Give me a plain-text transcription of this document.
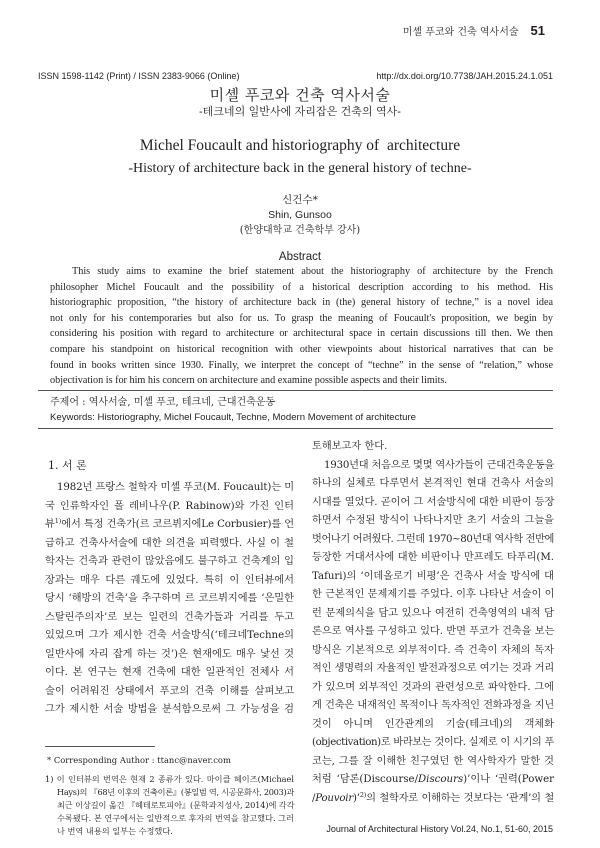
미셸 푸코와 건축 역사서술 51
ISSN 1598-1142 (Print) / ISSN 2383-9066 (Online)	http://dx.doi.org/10.7738/JAH.2015.24.1.051
미셸 푸코와 건축 역사서술
-테크네의 일반사에 자리잡은 건축의 역사-
Michel Foucault and historiography of  architecture
-History of architecture back in the general history of techne-
신건수*
Shin, Gunsoo
(한양대학교 건축학부 강사)
Abstract
This study aims to examine the brief statement about the historiography of architecture by the French
philosopher Michel Foucault and the possibility of a historical description according to his method. His
historiographic proposition, “the history of architecture back in (the) general history of techne,” is a novel idea
not only for his contemporaries but also for us. To grasp the meaning of Foucault's proposition, we begin by
considering his position with regard to architecture or architectural space in certain discussions till then. We then
compare his standpoint on historical recognition with other viewpoints about historical narratives that can be
found in books written since 1930. Finally, we interpret the concept of “techne” in the sense of “relation,” whose
objectivation is for him his concern on architecture and examine possible aspects and their limits.
주제어 : 역사서술, 미셸 푸코, 테크네, 근대건축운동
Keywords: Historiography, Michel Foucault, Techne, Modern Movement of architecture
1. 서 론
1982년 프랑스 철학자 미셸 푸코(M. Foucault)는 미
국 인류학자인 폴 레비나우(P. Rabinow)와 가진 인터
뷰$^{1)}$에서 특정 건축가(르 코르뷔지에Le Corbusier)를 언
급하고 건축사서술에 대한 의견을 피력했다. 사실 이 철
학자는 건축과 관련이 많았음에도 불구하고 건축계의 입
장과는 매우 다른 궤도에 있었다. 특히 이 인터뷰에서
당시 ‘해방의 건축’을 추구하며 르 코르뷔지에를 ‘은밀한
스탈린주의자’로 보는 일련의 건축가들과 거리를 두고
있었으며 그가 제시한 건축 서술방식(‘테크네Techne의
일반사에 자리 잡게 하는 것’)은 현재에도 매우 낯선 것
이다. 본 연구는 현재 건축에 대한 일관적인 전체사 서
술이 어려워진 상태에서 푸코의 건축 이해를 살펴보고
그가 제시한 서술 방법을 분석함으로써 그 가능성을 검
* Corresponding Author : ttanc@naver.com
1) 이 인터뷰의 번역은 현재 2 종류가 있다. 마이클 헤이즈(Michael
Hays)의 『68년 이후의 건축이론』(봉일범 역, 시공문화사, 2003)과
최근 이상길이 옮긴 『헤테로토피아』(문학과지성사, 2014)에 각각
수록됐다. 본 연구에서는 일반적으로 후자의 번역을 참고했다. 그러
나 번역 내용의 일부는 수정했다.
토해보고자 한다.
1930년대 처음으로 몇몇 역사가들이 근대건축운동을
하나의 실체로 다루면서 본격적인 현대 건축사 서술의
시대를 열었다. 곧이어 그 서술방식에 대한 비판이 등장
하면서 수정된 방식이 나타나지만 초기 서술의 그늘을
벗어나기 어려웠다. 그런데 1970~80년대 역사학 전반에
등장한 거대서사에 대한 비판이나 만프레도 타푸리(M.
Tafuri)의 ‘이데올로기 비평’은 건축사 서술 방식에 대
한 근본적인 문제제기를 주었다. 이후 나타난 서술이 이
런 문제의식을 담고 있으나 여전히 건축영역의 내적 담
론으로 역사를 구성하고 있다. 반면 푸코가 건축을 보는
방식은 기본적으로 외부적이다. 즉 건축이 자체의 독자
적인 생명력의 자율적인 발전과정으로 여기는 것과 거리
가 있으며 외부적인 것과의 관련성으로 파악한다. 그에
게 건축은 내재적인 목적이나 독자적인 전화과정을 지닌
것이 아니며 인간관계의 기술(테크네)의 객체화
(objectivation)로 바라보는 것이다. 실제로 이 시기의 푸
코는, 그를 잘 이해한 친구였던 한 역사학자가 말한 것
처럼 ‘담론(Discourse/Discours)’이나 ‘권력(Power
/Pouvoir)’$^{2)}$의 철학자로 이해하는 것보다는 ‘관계’의 철
Journal of Architectural History Vol.24, No.1, 51-60, 2015
